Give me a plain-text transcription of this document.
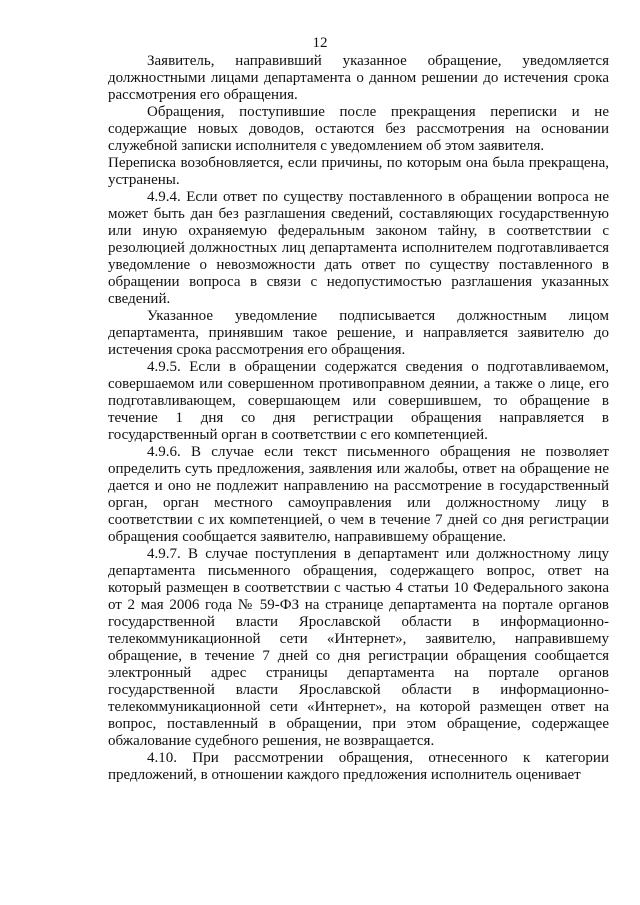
12

Заявитель, направивший указанное обращение, уведомляется должностными лицами департамента о данном решении до истечения срока рассмотрения его обращения.

Обращения, поступившие после прекращения переписки и не содержащие новых доводов, остаются без рассмотрения на основании служебной записки исполнителя с уведомлением об этом заявителя.

Переписка возобновляется, если причины, по которым она была прекращена, устранены.

4.9.4. Если ответ по существу поставленного в обращении вопроса не может быть дан без разглашения сведений, составляющих государственную или иную охраняемую федеральным законом тайну, в соответствии с резолюцией должностных лиц департамента исполнителем подготавливается уведомление о невозможности дать ответ по существу поставленного в обращении вопроса в связи с недопустимостью разглашения указанных сведений.

Указанное уведомление подписывается должностным лицом департамента, принявшим такое решение, и направляется заявителю до истечения срока рассмотрения его обращения.

4.9.5. Если в обращении содержатся сведения о подготавливаемом, совершаемом или совершенном противоправном деянии, а также о лице, его подготавливающем, совершающем или совершившем, то обращение в течение 1 дня со дня регистрации обращения направляется в государственный орган в соответствии с его компетенцией.

4.9.6. В случае если текст письменного обращения не позволяет определить суть предложения, заявления или жалобы, ответ на обращение не дается и оно не подлежит направлению на рассмотрение в государственный орган, орган местного самоуправления или должностному лицу в соответствии с их компетенцией, о чем в течение 7 дней со дня регистрации обращения сообщается заявителю, направившему обращение.

4.9.7. В случае поступления в департамент или должностному лицу департамента письменного обращения, содержащего вопрос, ответ на который размещен в соответствии с частью 4 статьи 10 Федерального закона от 2 мая 2006 года № 59-ФЗ на странице департамента на портале органов государственной власти Ярославской области в информационно-телекоммуникационной сети «Интернет», заявителю, направившему обращение, в течение 7 дней со дня регистрации обращения сообщается электронный адрес страницы департамента на портале органов государственной власти Ярославской области в информационно-телекоммуникационной сети «Интернет», на которой размещен ответ на вопрос, поставленный в обращении, при этом обращение, содержащее обжалование судебного решения, не возвращается.

4.10. При рассмотрении обращения, отнесенного к категории предложений, в отношении каждого предложения исполнитель оценивает
